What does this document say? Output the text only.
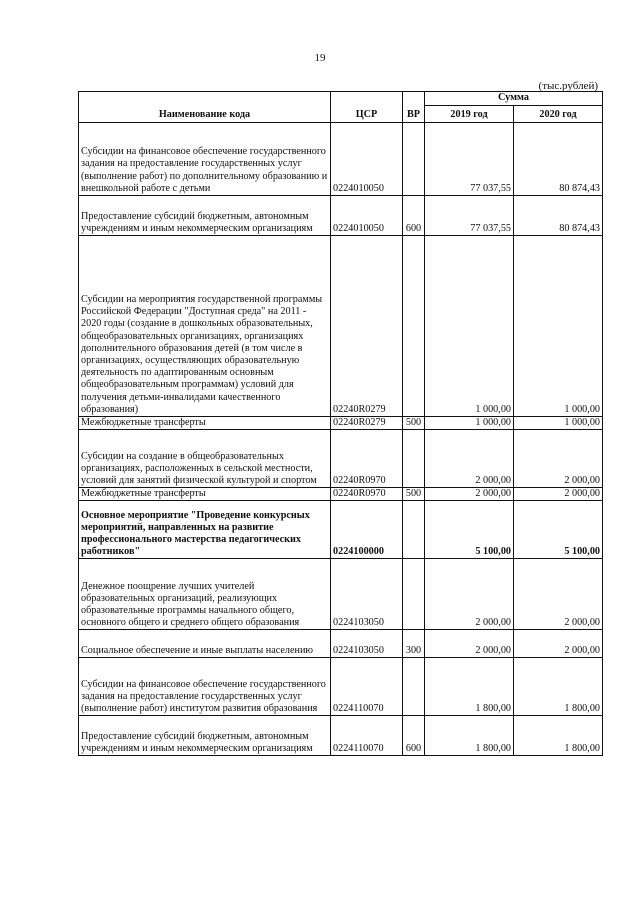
19
(тыс.рублей)
Наименование кода	ЦСР	ВР	Сумма	
			2019 год	2020 год
Субсидии на финансовое обеспечение государственного задания на предоставление государственных услуг (выполнение работ) по дополнительному образованию и внешкольной работе с детьми	0224010050		77 037,55	80 874,43
Предоставление субсидий бюджетным, автономным учреждениям и иным некоммерческим организациям	0224010050	600	77 037,55	80 874,43
Субсидии на мероприятия государственной программы Российской Федерации "Доступная среда" на 2011 - 2020 годы (создание в дошкольных образовательных, общеобразовательных организациях, организациях дополнительного образования детей (в том числе в организациях, осуществляющих образовательную деятельность по адаптированным основным общеобразовательным программам) условий для получения детьми-инвалидами качественного образования)	02240R0279		1 000,00	1 000,00
Межбюджетные трансферты	02240R0279	500	1 000,00	1 000,00
Субсидии на создание в общеобразовательных организациях, расположенных в сельской местности, условий для занятий физической культурой и спортом	02240R0970		2 000,00	2 000,00
Межбюджетные трансферты	02240R0970	500	2 000,00	2 000,00
Основное мероприятие "Проведение конкурсных мероприятий, направленных на развитие профессионального мастерства педагогических работников"	0224100000		5 100,00	5 100,00
Денежное поощрение лучших учителей образовательных организаций, реализующих образовательные программы начального общего, основного общего и среднего общего образования	0224103050		2 000,00	2 000,00
Социальное обеспечение и иные выплаты населению	0224103050	300	2 000,00	2 000,00
Субсидии на финансовое обеспечение государственного задания на предоставление государственных услуг (выполнение работ) институтом развития образования	0224110070		1 800,00	1 800,00
Предоставление субсидий бюджетным, автономным учреждениям и иным некоммерческим организациям	0224110070	600	1 800,00	1 800,00
